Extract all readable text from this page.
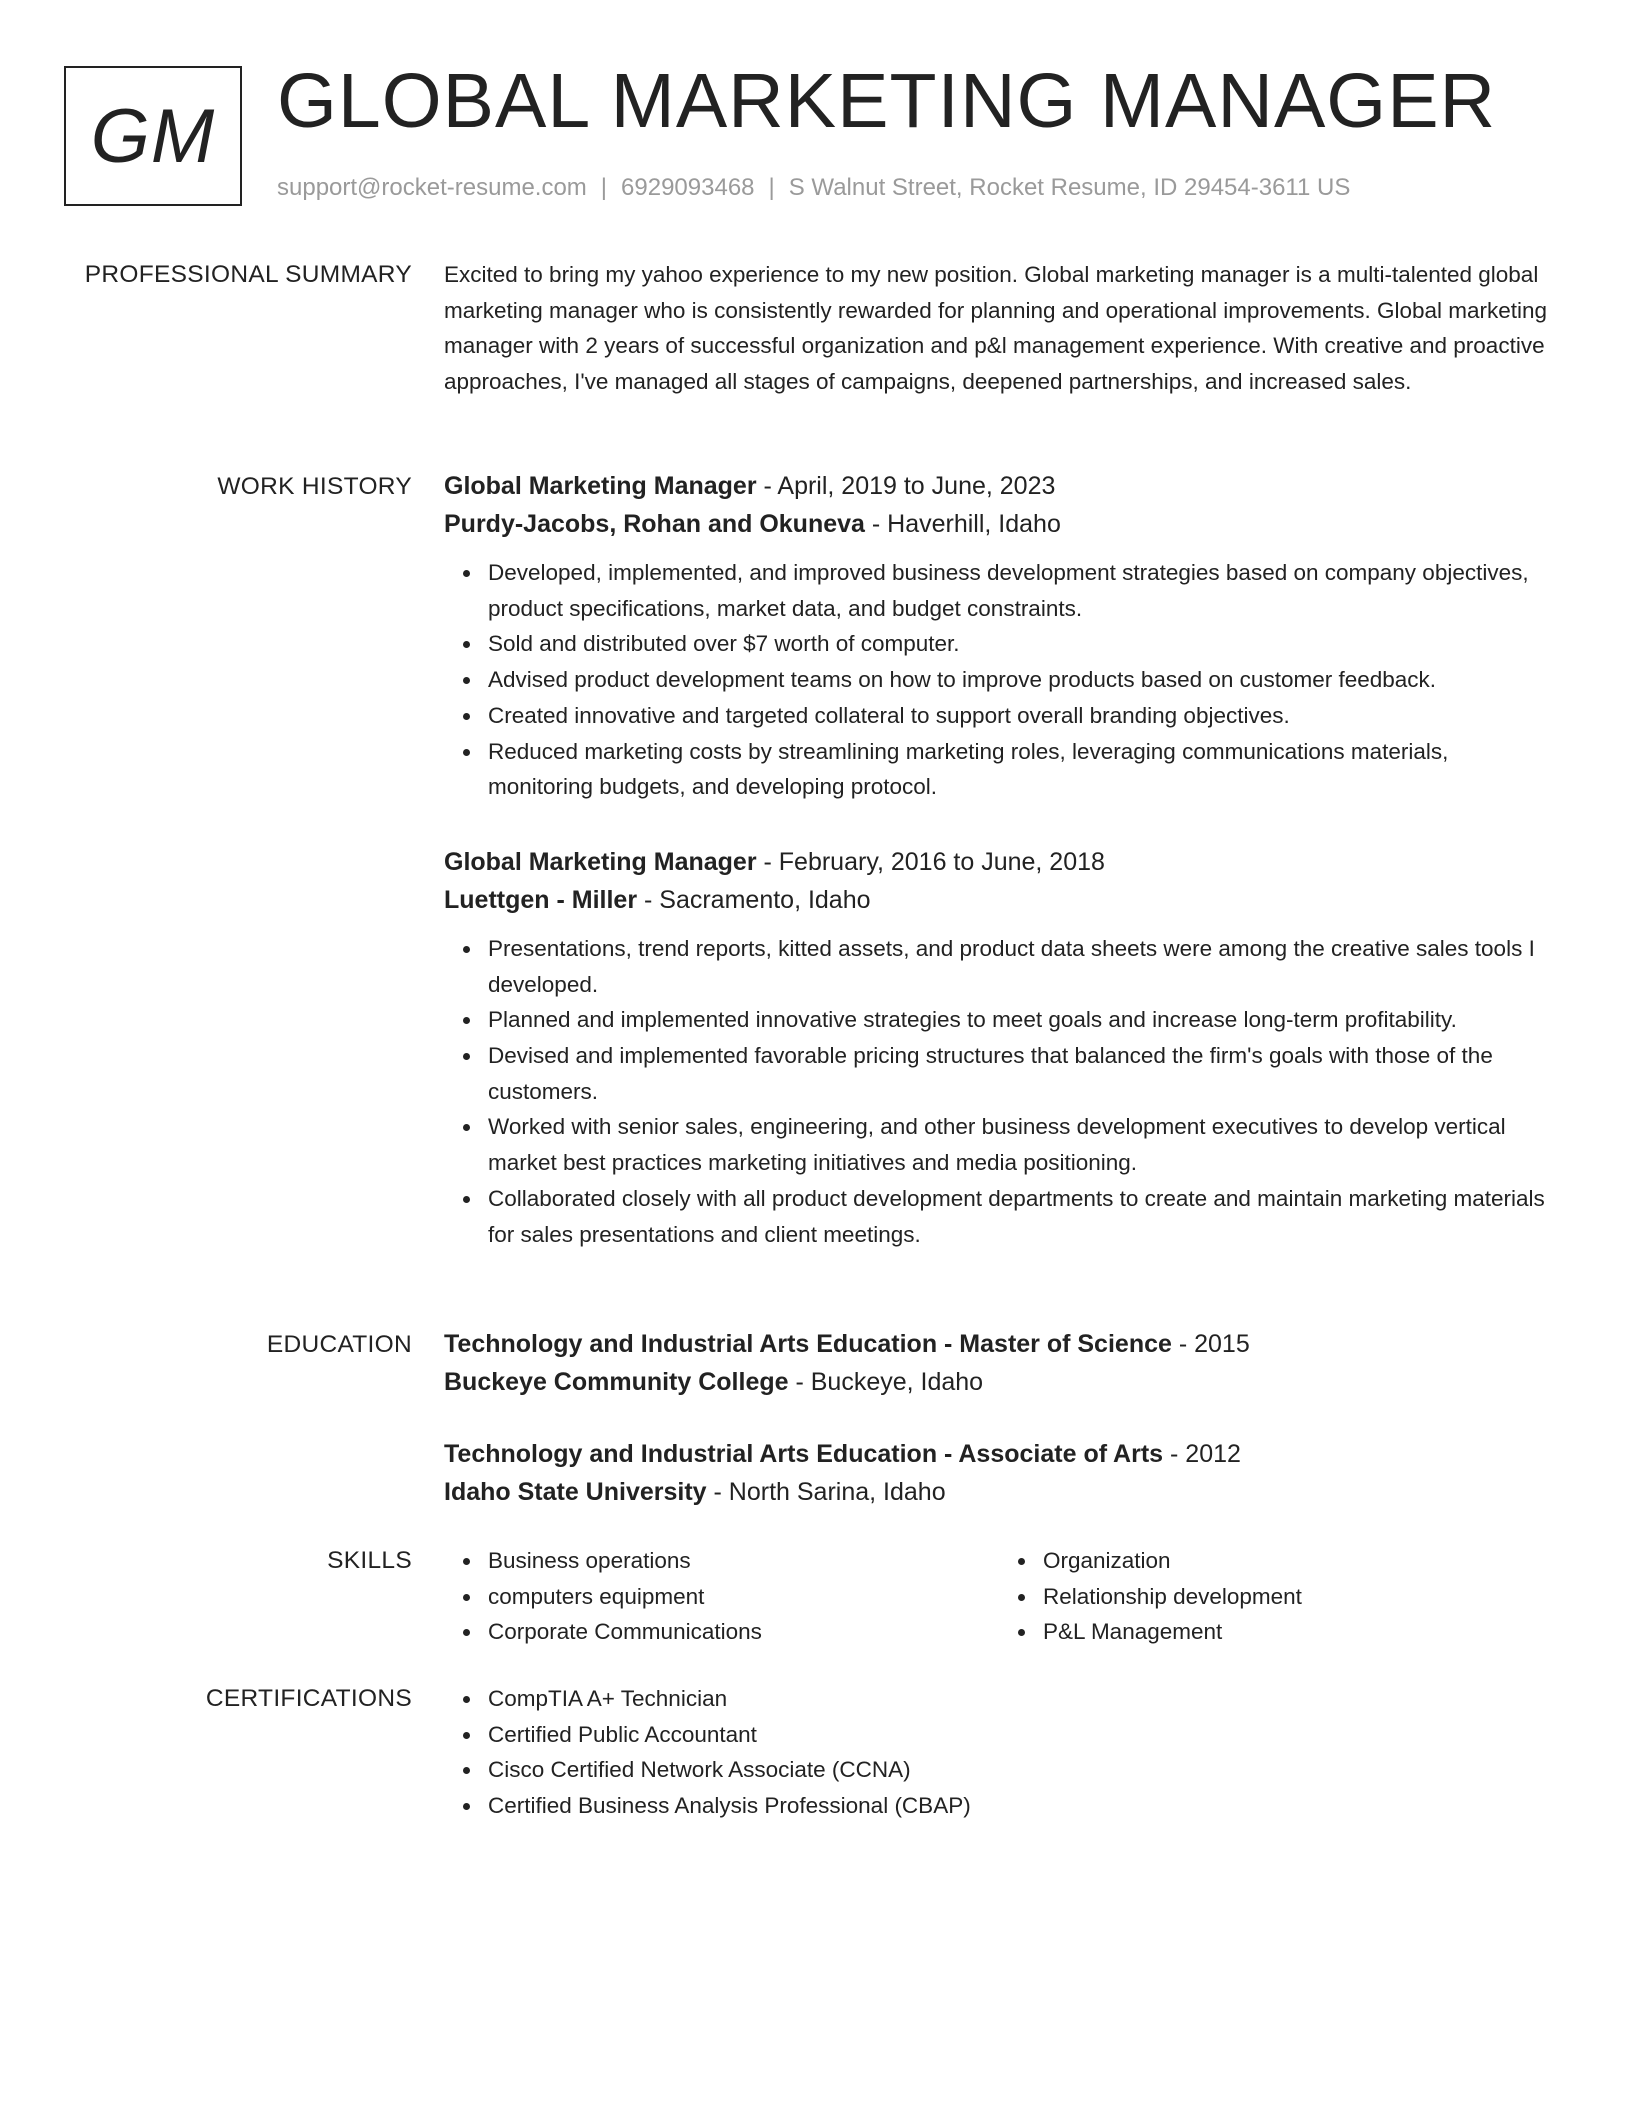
GM GLOBAL MARKETING MANAGER
support@rocket-resume.com | 6929093468 | S Walnut Street, Rocket Resume, ID 29454-3611 US
PROFESSIONAL SUMMARY Excited to bring my yahoo experience to my new position. Global marketing manager is a multi-talented global marketing manager who is consistently rewarded for planning and operational improvements. Global marketing manager with 2 years of successful organization and p&l management experience. With creative and proactive approaches, I've managed all stages of campaigns, deepened partnerships, and increased sales.

WORK HISTORY Global Marketing Manager - April, 2019 to June, 2023
Purdy-Jacobs, Rohan and Okuneva - Haverhill, Idaho
Developed, implemented, and improved business development strategies based on company objectives, product specifications, market data, and budget constraints.
Sold and distributed over $7 worth of computer.
Advised product development teams on how to improve products based on customer feedback.
Created innovative and targeted collateral to support overall branding objectives.
Reduced marketing costs by streamlining marketing roles, leveraging communications materials, monitoring budgets, and developing protocol.
Global Marketing Manager - February, 2016 to June, 2018
Luettgen - Miller - Sacramento, Idaho
Presentations, trend reports, kitted assets, and product data sheets were among the creative sales tools I developed.
Planned and implemented innovative strategies to meet goals and increase long-term profitability.
Devised and implemented favorable pricing structures that balanced the firm's goals with those of the customers.
Worked with senior sales, engineering, and other business development executives to develop vertical market best practices marketing initiatives and media positioning.
Collaborated closely with all product development departments to create and maintain marketing materials for sales presentations and client meetings.
EDUCATION Technology and Industrial Arts Education - Master of Science - 2015
Buckeye Community College - Buckeye, Idaho
Technology and Industrial Arts Education - Associate of Arts - 2012
Idaho State University - North Sarina, Idaho
SKILLS	Business operations
computers equipment
Corporate Communications
Organization
Relationship development
P&L Management
CERTIFICATIONS	CompTIA A+ Technician
Certified Public Accountant
Cisco Certified Network Associate (CCNA)
Certified Business Analysis Professional (CBAP)
